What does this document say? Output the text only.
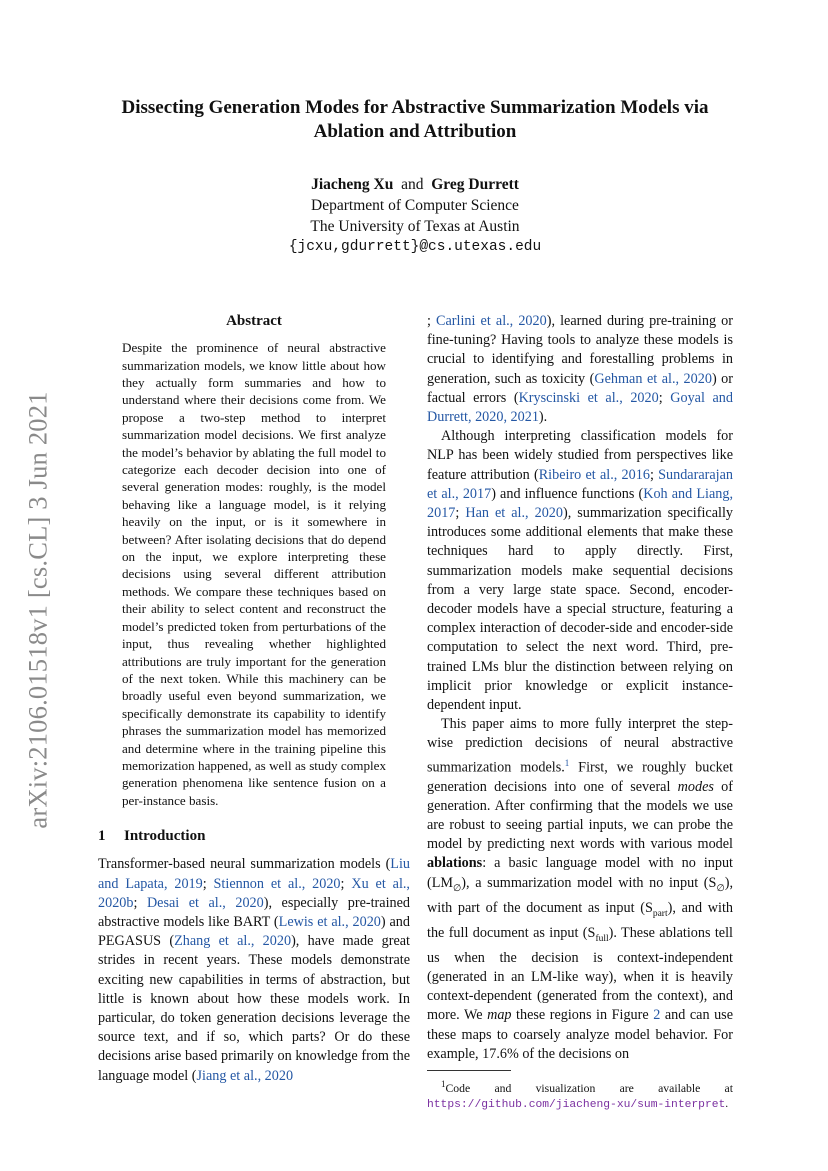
arXiv:2106.01518v1 [cs.CL] 3 Jun 2021
Dissecting Generation Modes for Abstractive Summarization Models via Ablation and Attribution
Jiacheng Xu and Greg Durrett
Department of Computer Science
The University of Texas at Austin
{jcxu,gdurrett}@cs.utexas.edu
Abstract
Despite the prominence of neural abstractive summarization models, we know little about how they actually form summaries and how to understand where their decisions come from. We propose a two-step method to interpret summarization model decisions. We first analyze the model’s behavior by ablating the full model to categorize each decoder decision into one of several generation modes: roughly, is the model behaving like a language model, is it relying heavily on the input, or is it somewhere in between? After isolating decisions that do depend on the input, we explore interpreting these decisions using several different attribution methods. We compare these techniques based on their ability to select content and reconstruct the model’s predicted token from perturbations of the input, thus revealing whether highlighted attributions are truly important for the generation of the next token. While this machinery can be broadly useful even beyond summarization, we specifically demonstrate its capability to identify phrases the summarization model has memorized and determine where in the training pipeline this memorization happened, as well as study complex generation phenomena like sentence fusion on a per-instance basis.
1 Introduction

Transformer-based neural summarization models (Liu and Lapata, 2019; Stiennon et al., 2020; Xu et al., 2020b; Desai et al., 2020), especially pre-trained abstractive models like BART (Lewis et al., 2020) and PEGASUS (Zhang et al., 2020), have made great strides in recent years. These models demonstrate exciting new capabilities in terms of abstraction, but little is known about how these models work. In particular, do token generation decisions leverage the source text, and if so, which parts? Or do these decisions arise based primarily on knowledge from the language model (Jiang et al., 2020

; Carlini et al., 2020), learned during pre-training or fine-tuning? Having tools to analyze these models is crucial to identifying and forestalling problems in generation, such as toxicity (Gehman et al., 2020) or factual errors (Kryscinski et al., 2020; Goyal and Durrett, 2020, 2021).

Although interpreting classification models for NLP has been widely studied from perspectives like feature attribution (Ribeiro et al., 2016; Sundararajan et al., 2017) and influence functions (Koh and Liang, 2017; Han et al., 2020), summarization specifically introduces some additional elements that make these techniques hard to apply directly. First, summarization models make sequential decisions from a very large state space. Second, encoder-decoder models have a special structure, featuring a complex interaction of decoder-side and encoder-side computation to select the next word. Third, pre-trained LMs blur the distinction between relying on implicit prior knowledge or explicit instance-dependent input.

This paper aims to more fully interpret the step-wise prediction decisions of neural abstractive summarization models.$^1$ First, we roughly bucket generation decisions into one of several modes of generation. After confirming that the models we use are robust to seeing partial inputs, we can probe the model by predicting next words with various model ablations: a basic language model with no input $(LM_\emptyset)$, a summarization model with no input $(S_\emptyset)$, with part of the document as input $(S_{part})$, and with the full document as input $(S_{full})$. These ablations tell us when the decision is context-independent (generated in an LM-like way), when it is heavily context-dependent (generated from the context), and more. We map these regions in Figure 2 and can use these maps to coarsely analyze model behavior. For example, 17.6% of the decisions on

$^1$Code and visualization are available at https://github.com/jiacheng-xu/sum-interpret.
